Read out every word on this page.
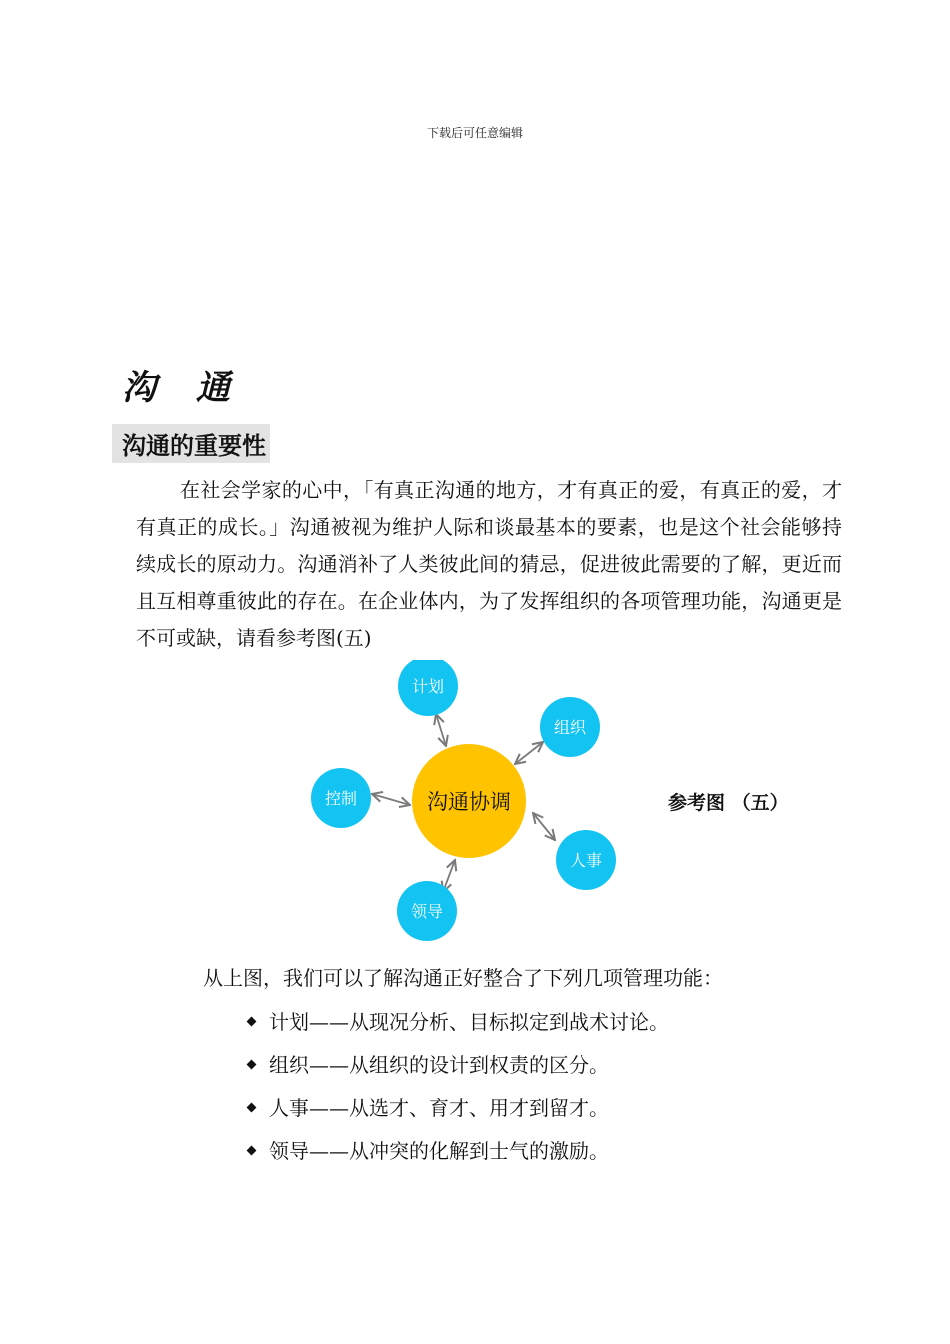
下载后可任意编辑
沟 通
沟通的重要性

在社会学家的心中，「有真正沟通的地方，才有真正的爱，有真正的爱，才有真正的成长。」沟通被视为维护人际和谈最基本的要素，也是这个社会能够持续成长的原动力。沟通消补了人类彼此间的猜忌，促进彼此需要的了解，更近而且互相尊重彼此的存在。在企业体内，为了发挥组织的各项管理功能，沟通更是不可或缺，请看参考图(五)

沟通协调
计划
组织
人事
领导
控制	参考图 （五）

从上图，我们可以了解沟通正好整合了下列几项管理功能：

计划——从现况分析、目标拟定到战术讨论。
组织——从组织的设计到权责的区分。
人事——从选才、育才、用才到留才。
领导——从冲突的化解到士气的激励。
